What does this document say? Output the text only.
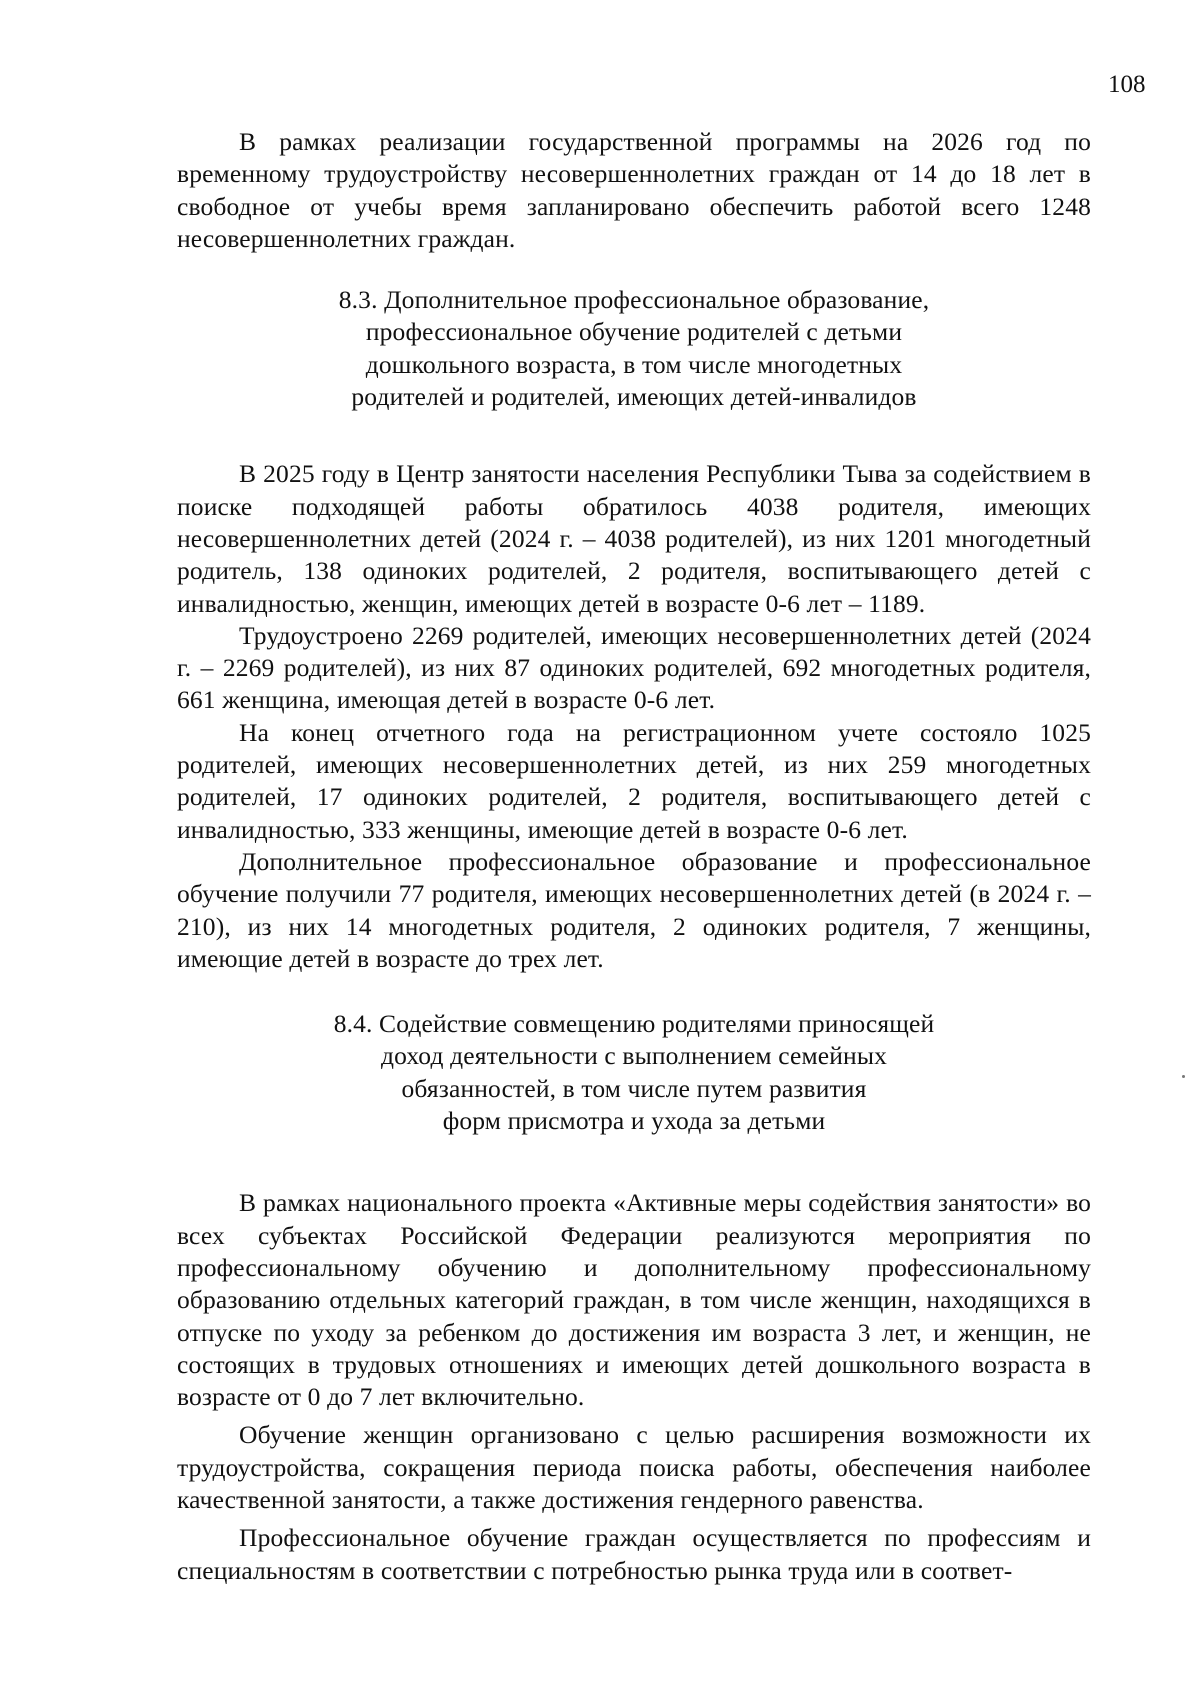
108

В рамках реализации государственной программы на 2026 год по временному трудоустройству несовершеннолетних граждан от 14 до 18 лет в свободное от учебы время запланировано обеспечить работой всего 1248 несовершеннолетних граждан.

8.3. Дополнительное профессиональное образование,
профессиональное обучение родителей с детьми
дошкольного возраста, в том числе многодетных
родителей и родителей, имеющих детей-инвалидов

В 2025 году в Центр занятости населения Республики Тыва за содействием в поиске подходящей работы обратилось 4038 родителя, имеющих несовершеннолетних детей (2024 г. – 4038 родителей), из них 1201 многодетный родитель, 138 одиноких родителей, 2 родителя, воспитывающего детей с инвалидностью, женщин, имеющих детей в возрасте 0-6 лет – 1189.

Трудоустроено 2269 родителей, имеющих несовершеннолетних детей (2024 г. – 2269 родителей), из них 87 одиноких родителей, 692 многодетных родителя, 661 женщина, имеющая детей в возрасте 0-6 лет.

На конец отчетного года на регистрационном учете состояло 1025 родителей, имеющих несовершеннолетних детей, из них 259 многодетных родителей, 17 одиноких родителей, 2 родителя, воспитывающего детей с инвалидностью, 333 женщины, имеющие детей в возрасте 0-6 лет.

Дополнительное профессиональное образование и профессиональное обучение получили 77 родителя, имеющих несовершеннолетних детей (в 2024 г. – 210), из них 14 многодетных родителя, 2 одиноких родителя, 7 женщины, имеющие детей в возрасте до трех лет.

8.4. Содействие совмещению родителями приносящей
доход деятельности с выполнением семейных
обязанностей, в том числе путем развития
форм присмотра и ухода за детьми

В рамках национального проекта «Активные меры содействия занятости» во всех субъектах Российской Федерации реализуются мероприятия по профессиональному обучению и дополнительному профессиональному образованию отдельных категорий граждан, в том числе женщин, находящихся в отпуске по уходу за ребенком до достижения им возраста 3 лет, и женщин, не состоящих в трудовых отношениях и имеющих детей дошкольного возраста в возрасте от 0 до 7 лет включительно.

Обучение женщин организовано с целью расширения возможности их трудоустройства, сокращения периода поиска работы, обеспечения наиболее качественной занятости, а также достижения гендерного равенства.

Профессиональное обучение граждан осуществляется по профессиям и специальностям в соответствии с потребностью рынка труда или в соответ-
